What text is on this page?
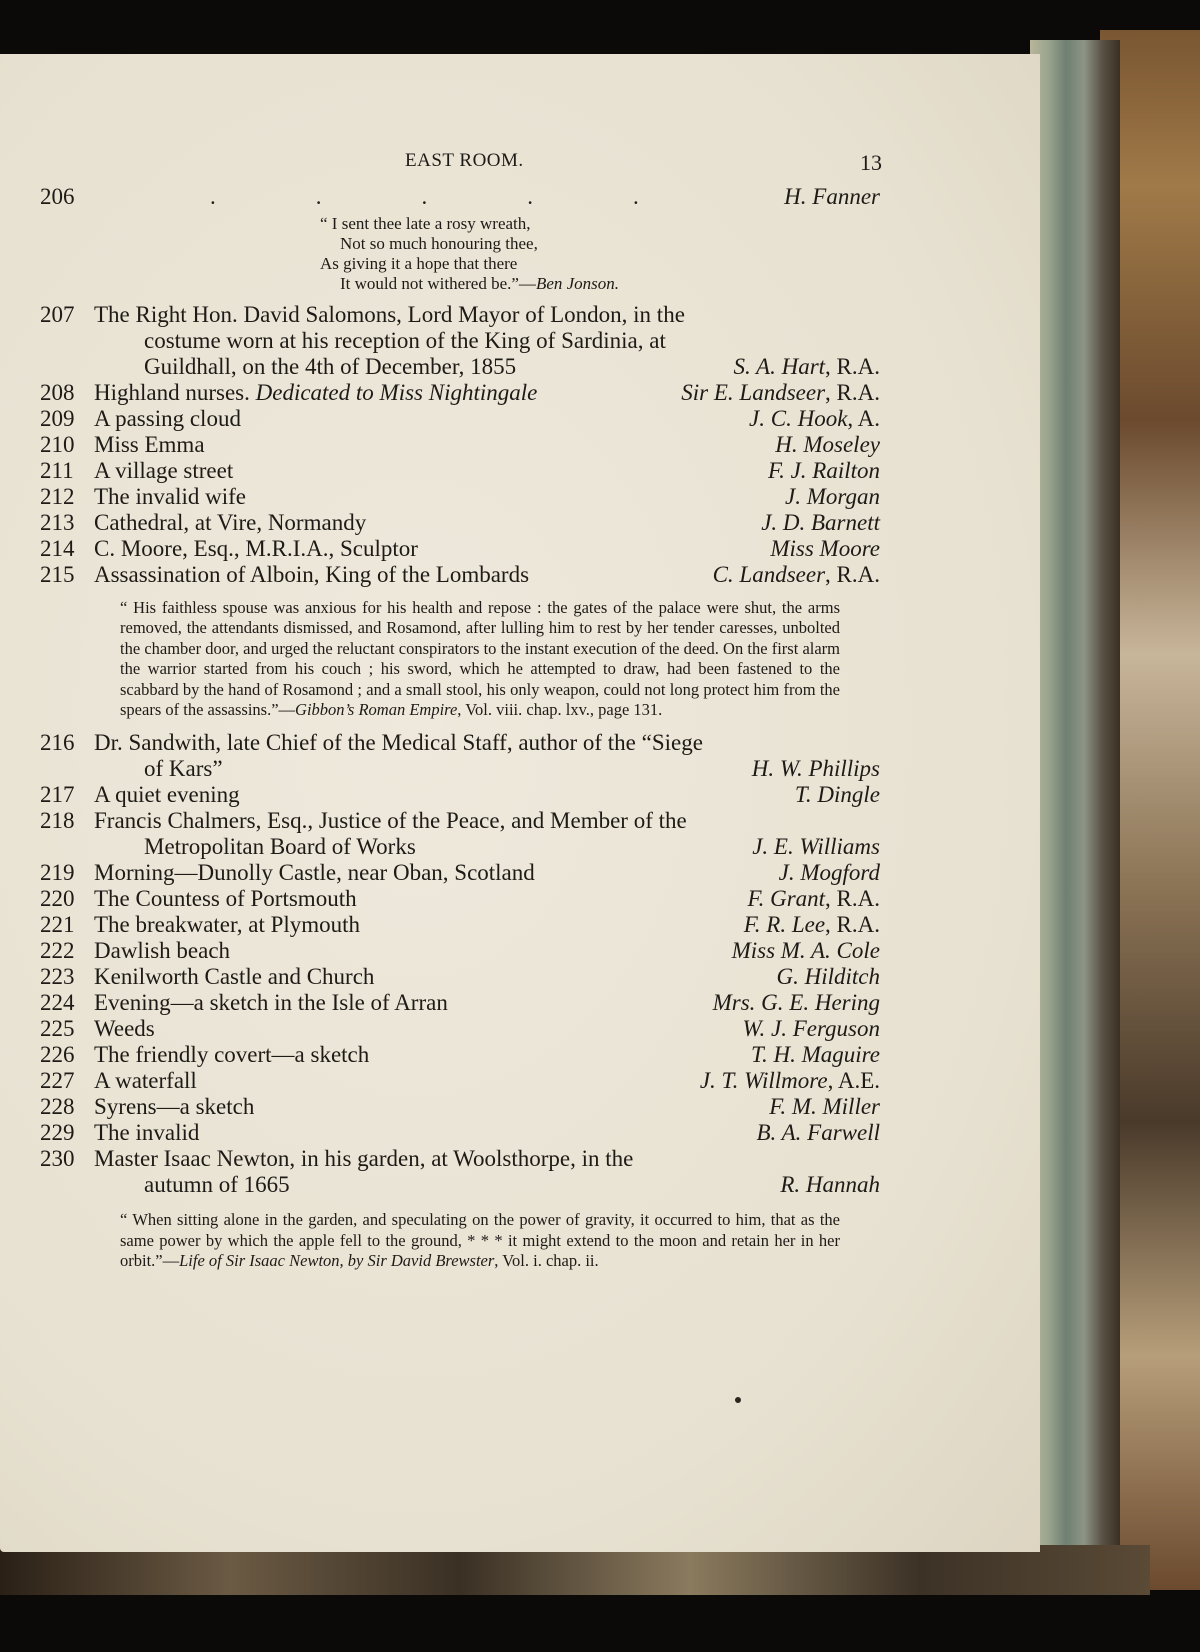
EAST ROOM.	13
206	..... H. Fanner
“ I sent thee late a rosy wreath,
Not so much honouring thee,
As giving it a hope that there
It would not withered be.”—Ben Jonson.
207 The Right Hon. David Salomons, Lord Mayor of London, in the
costume worn at his reception of the King of Sardinia, at
Guildhall, on the 4th of December, 1855	S. A. Hart, R.A.
208 Highland nurses. Dedicated to Miss Nightingale	Sir E. Landseer, R.A.
209 A passing cloud	J. C. Hook, A.
210 Miss Emma	H. Moseley
211 A village street	F. J. Railton
212 The invalid wife	J. Morgan
213 Cathedral, at Vire, Normandy	J. D. Barnett
214 C. Moore, Esq., M.R.I.A., Sculptor	Miss Moore
215 Assassination of Alboin, King of the Lombards	C. Landseer, R.A.
“ His faithless spouse was anxious for his health and repose : the gates of the palace were shut, the arms removed, the attendants dismissed, and Rosamond, after lulling him to rest by her tender caresses, unbolted the chamber door, and urged the reluctant conspirators to the instant execution of the deed. On the first alarm the warrior started from his couch ; his sword, which he attempted to draw, had been fastened to the scabbard by the hand of Rosamond ; and a small stool, his only weapon, could not long protect him from the spears of the assassins.”—Gibbon’s Roman Empire, Vol. viii. chap. lxv., page 131.
216 Dr. Sandwith, late Chief of the Medical Staff, author of the “Siege
of Kars”	H. W. Phillips
217 A quiet evening	T. Dingle
218 Francis Chalmers, Esq., Justice of the Peace, and Member of the
Metropolitan Board of Works	J. E. Williams
219 Morning—Dunolly Castle, near Oban, Scotland	J. Mogford
220 The Countess of Portsmouth	F. Grant, R.A.
221 The breakwater, at Plymouth	F. R. Lee, R.A.
222 Dawlish beach	Miss M. A. Cole
223 Kenilworth Castle and Church	G. Hilditch
224 Evening—a sketch in the Isle of Arran	Mrs. G. E. Hering
225 Weeds	W. J. Ferguson
226 The friendly covert—a sketch	T. H. Maguire
227 A waterfall	J. T. Willmore, A.E.
228 Syrens—a sketch	F. M. Miller
229 The invalid	B. A. Farwell
230 Master Isaac Newton, in his garden, at Woolsthorpe, in the
autumn of 1665	R. Hannah
“ When sitting alone in the garden, and speculating on the power of gravity, it occurred to him, that as the same power by which the apple fell to the ground, * * * it might extend to the moon and retain her in her orbit.”—Life of Sir Isaac Newton, by Sir David Brewster, Vol. i. chap. ii.
